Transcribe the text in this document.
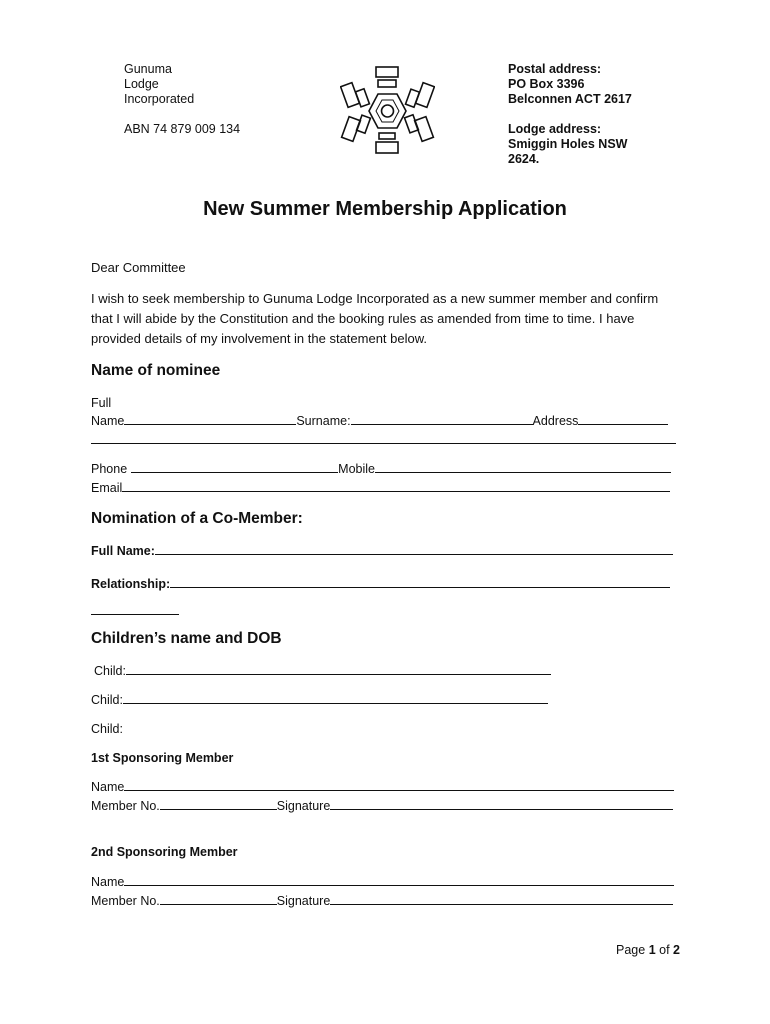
Gunuma
Lodge
Incorporated
ABN 74 879 009 134
Postal address:
PO Box 3396
Belconnen ACT 2617
Lodge address:
Smiggin Holes NSW
2624.
New Summer Membership Application
Dear Committee
I wish to seek membership to Gunuma Lodge Incorporated as a new summer member and confirm that I will abide by the Constitution and the booking rules as amended from time to time. I have provided details of my involvement in the statement below.
Name of nominee
Full
Name	Surname:	Address
Phone	Mobile
Email
Nomination of a Co-Member:
Full Name:
Relationship:
Children’s name and DOB
Child:
Child:
Child:
1st Sponsoring Member
Name
Member No.	Signature
2nd Sponsoring Member
Name
Member No.	Signature
Page 1 of 2
